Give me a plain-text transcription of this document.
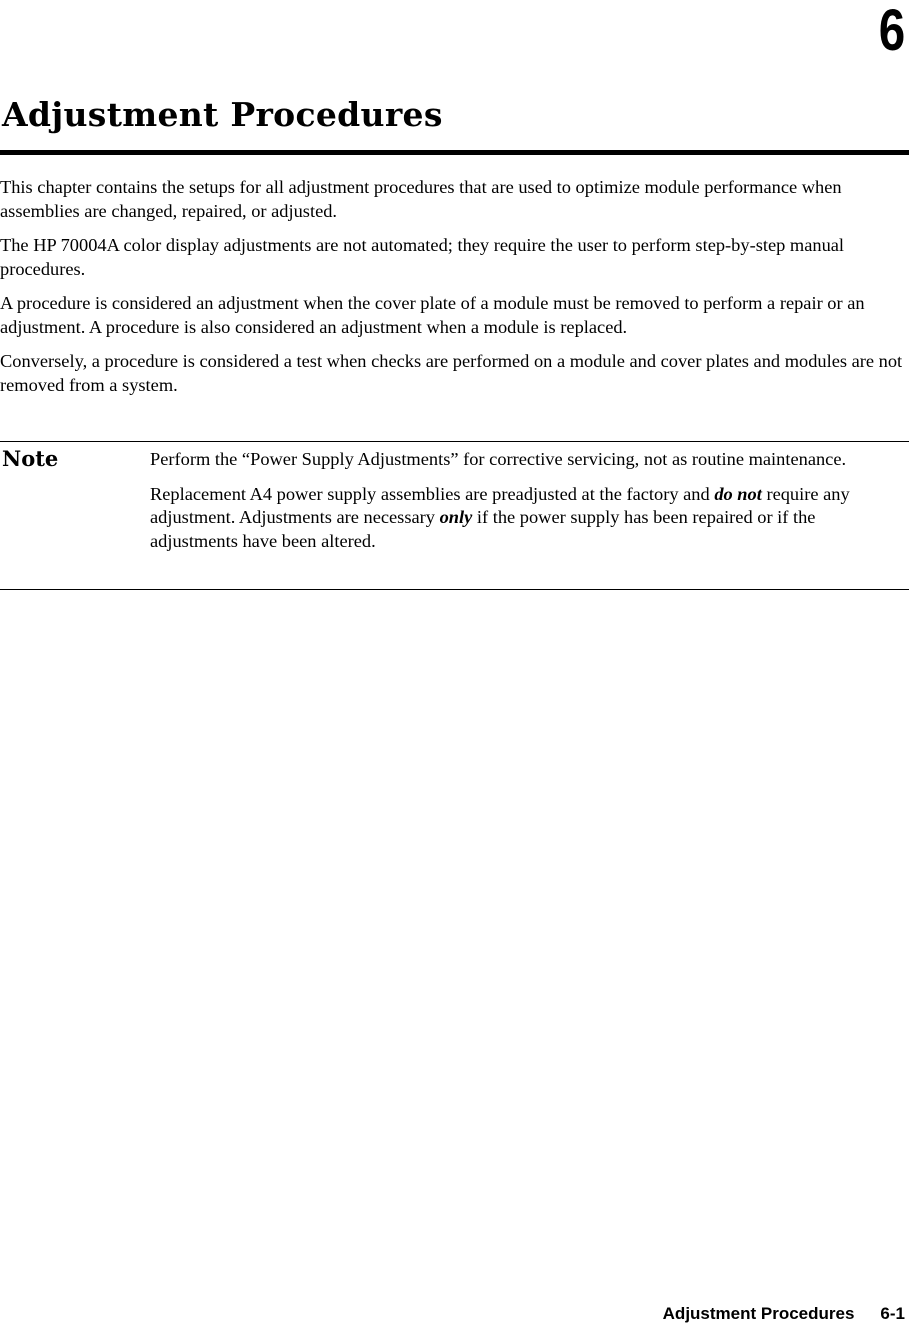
6
Adjustment Procedures

This chapter contains the setups for all adjustment procedures that are used to optimize module performance when assemblies are changed, repaired, or adjusted.

The HP 70004A color display adjustments are not automated; they require the user to perform step-by-step manual procedures.

A procedure is considered an adjustment when the cover plate of a module must be removed to perform a repair or an adjustment. A procedure is also considered an adjustment when a module is replaced.

Conversely, a procedure is considered a test when checks are performed on a module and cover plates and modules are not removed from a system.

Note	Perform the “Power Supply Adjustments” for corrective servicing, not as routine maintenance.

Replacement A4 power supply assemblies are preadjusted at the factory and do not require any adjustment. Adjustments are necessary only if the power supply has been repaired or if the adjustments have been altered.

Adjustment Procedures 6-1
